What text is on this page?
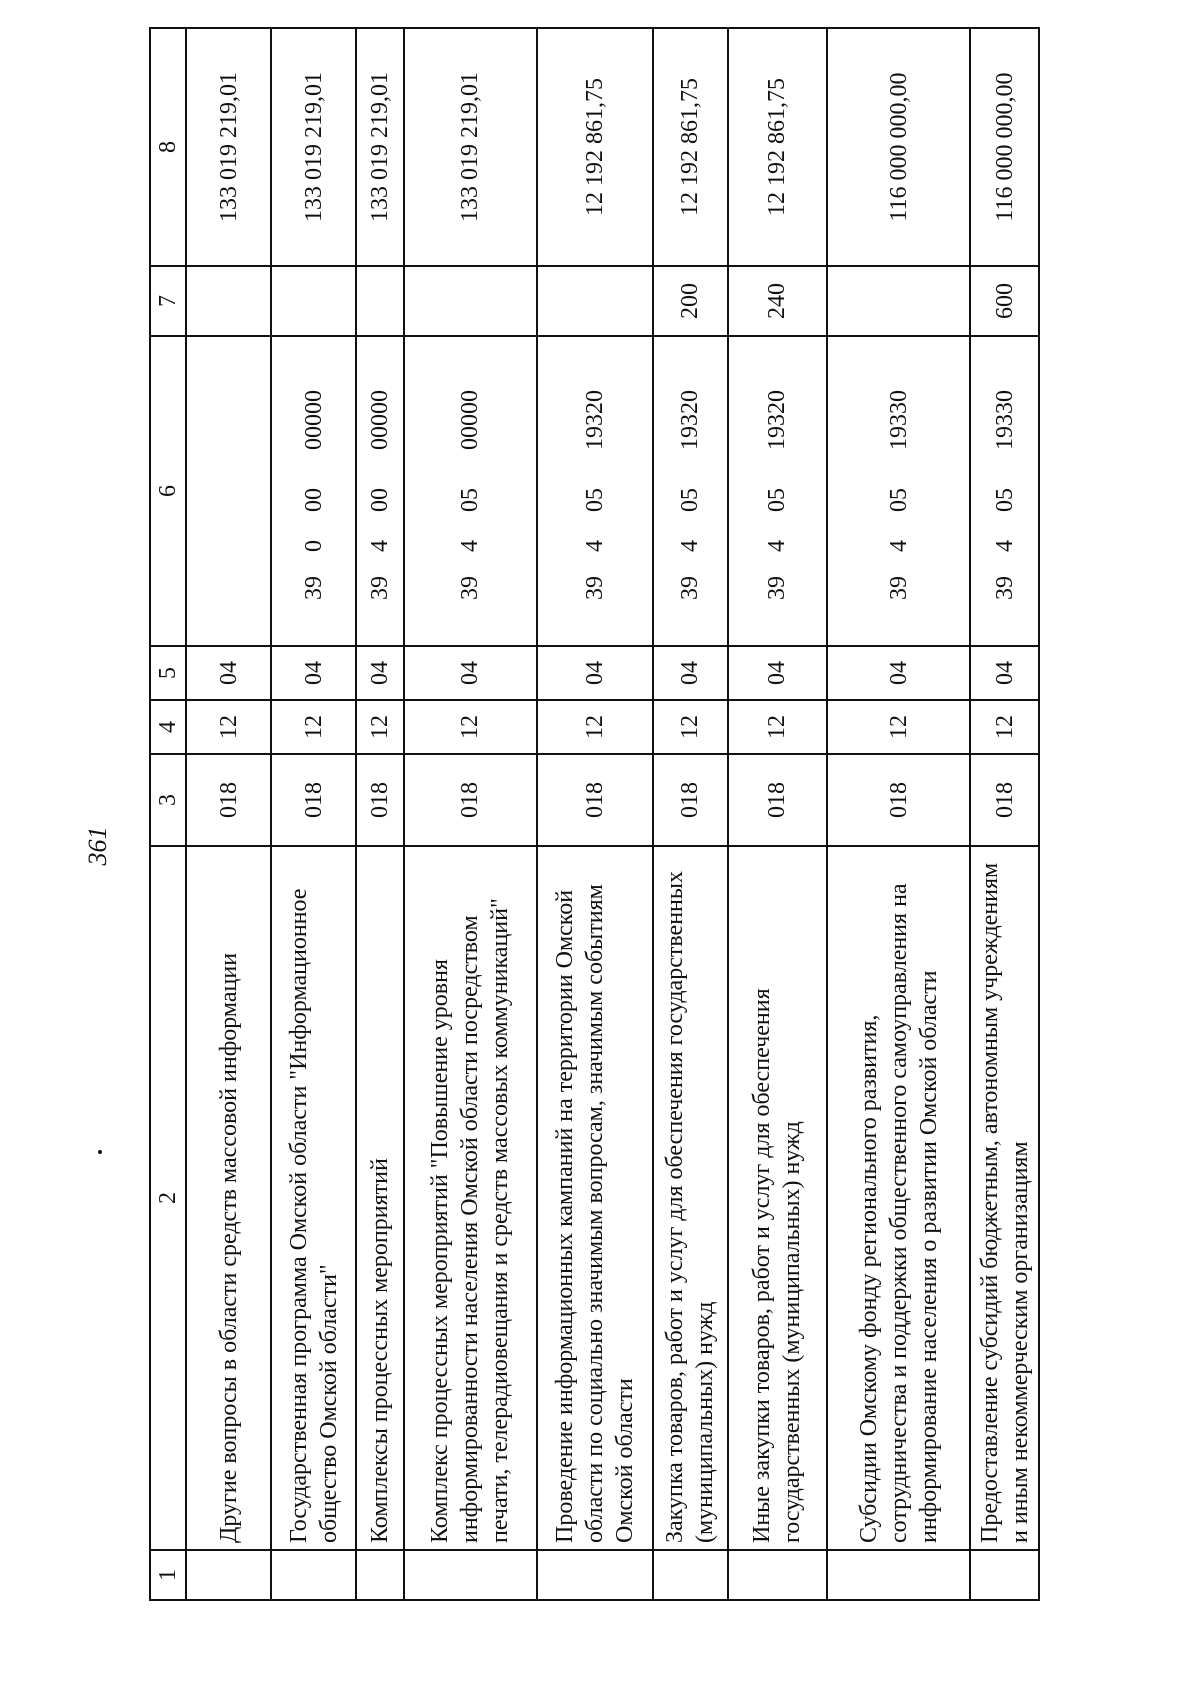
361
1	2	3	4	5	6	7	8
	Другие вопросы в области средств массовой информации	018	12	04			133 019 219,01
	Государственная программа Омской области "Информационное общество Омской области"	018	12	04	3900000000		133 019 219,01
	Комплексы процессных мероприятий	018	12	04	3940000000		133 019 219,01
	Комплекс процессных мероприятий "Повышение уровня информированности населения Омской области посредством печати, телерадиовещания и средств массовых коммуникаций"	018	12	04	3940500000		133 019 219,01
	Проведение информационных кампаний на территории Омской области по социально значимым вопросам, значимым событиям Омской области	018	12	04	3940519320		12 192 861,75
	Закупка товаров, работ и услуг для обеспечения государственных (муниципальных) нужд	018	12	04	3940519320	200	12 192 861,75
	Иные закупки товаров, работ и услуг для обеспечения государственных (муниципальных) нужд	018	12	04	3940519320	240	12 192 861,75
	Субсидии Омскому фонду регионального развития, сотрудничества и поддержки общественного самоуправления на информирование населения о развитии Омской области	018	12	04	3940519330		116 000 000,00
	Предоставление субсидий бюджетным, автономным учреждениям и иным некоммерческим организациям	018	12	04	3940519330	600	116 000 000,00
